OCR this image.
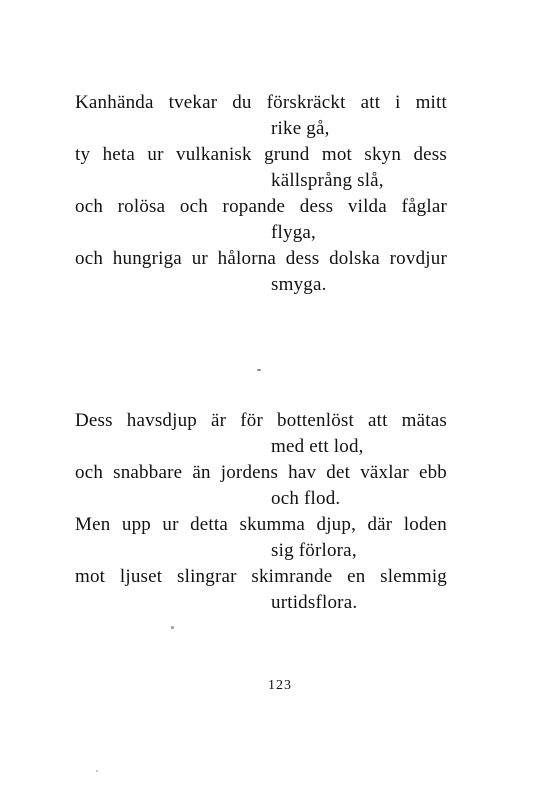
Kanhända tvekar du förskräckt att i mitt
rike gå,
ty heta ur vulkanisk grund mot skyn dess
källsprång slå,
och rolösa och ropande dess vilda fåglar
flyga,
och hungriga ur hålorna dess dolska rovdjur
smyga.
Dess havsdjup är för bottenlöst att mätas
med ett lod,
och snabbare än jordens hav det växlar ebb
och flod.
Men upp ur detta skumma djup, där loden
sig förlora,
mot ljuset slingrar skimrande en slemmig
urtidsflora.
123
